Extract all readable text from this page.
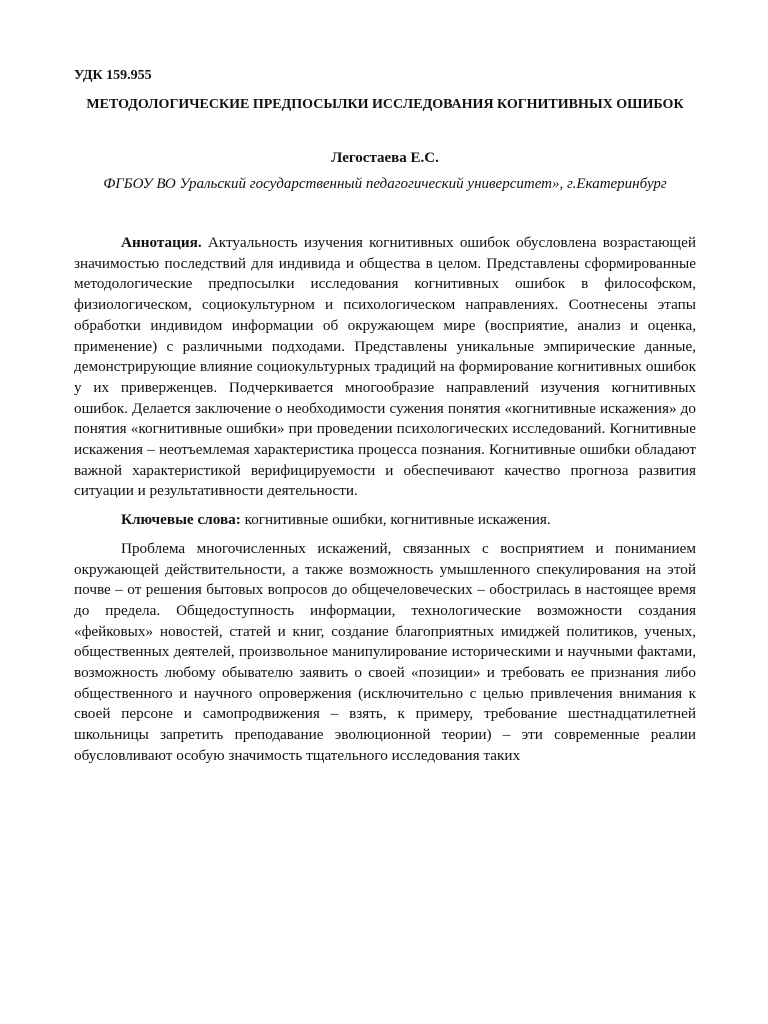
УДК 159.955

МЕТОДОЛОГИЧЕСКИЕ ПРЕДПОСЫЛКИ ИССЛЕДОВАНИЯ КОГНИТИВНЫХ ОШИБОК

Легостаева Е.С.

ФГБОУ ВО Уральский государственный педагогический университет», г.Екатеринбург

Аннотация. Актуальность изучения когнитивных ошибок обусловлена возрастающей значимостью последствий для индивида и общества в целом. Представлены сформированные методологические предпосылки исследования когнитивных ошибок в философском, физиологическом, социокультурном и психологическом направлениях. Соотнесены этапы обработки индивидом информации об окружающем мире (восприятие, анализ и оценка, применение) с различными подходами. Представлены уникальные эмпирические данные, демонстрирующие влияние социокультурных традиций на формирование когнитивных ошибок у их приверженцев. Подчеркивается многообразие направлений изучения когнитивных ошибок. Делается заключение о необходимости сужения понятия «когнитивные искажения» до понятия «когнитивные ошибки» при проведении психологических исследований. Когнитивные искажения – неотъемлемая характеристика процесса познания. Когнитивные ошибки обладают важной характеристикой верифицируемости и обеспечивают качество прогноза развития ситуации и результативности деятельности.

Ключевые слова: когнитивные ошибки, когнитивные искажения.

Проблема многочисленных искажений, связанных с восприятием и пониманием окружающей действительности, а также возможность умышленного спекулирования на этой почве – от решения бытовых вопросов до общечеловеческих – обострилась в настоящее время до предела. Общедоступность информации, технологические возможности создания «фейковых» новостей, статей и книг, создание благоприятных имиджей политиков, ученых, общественных деятелей, произвольное манипулирование историческими и научными фактами, возможность любому обывателю заявить о своей «позиции» и требовать ее признания либо общественного и научного опровержения (исключительно с целью привлечения внимания к своей персоне и самопродвижения – взять, к примеру, требование шестнадцатилетней школьницы запретить преподавание эволюционной теории) – эти современные реалии обусловливают особую значимость тщательного исследования таких
